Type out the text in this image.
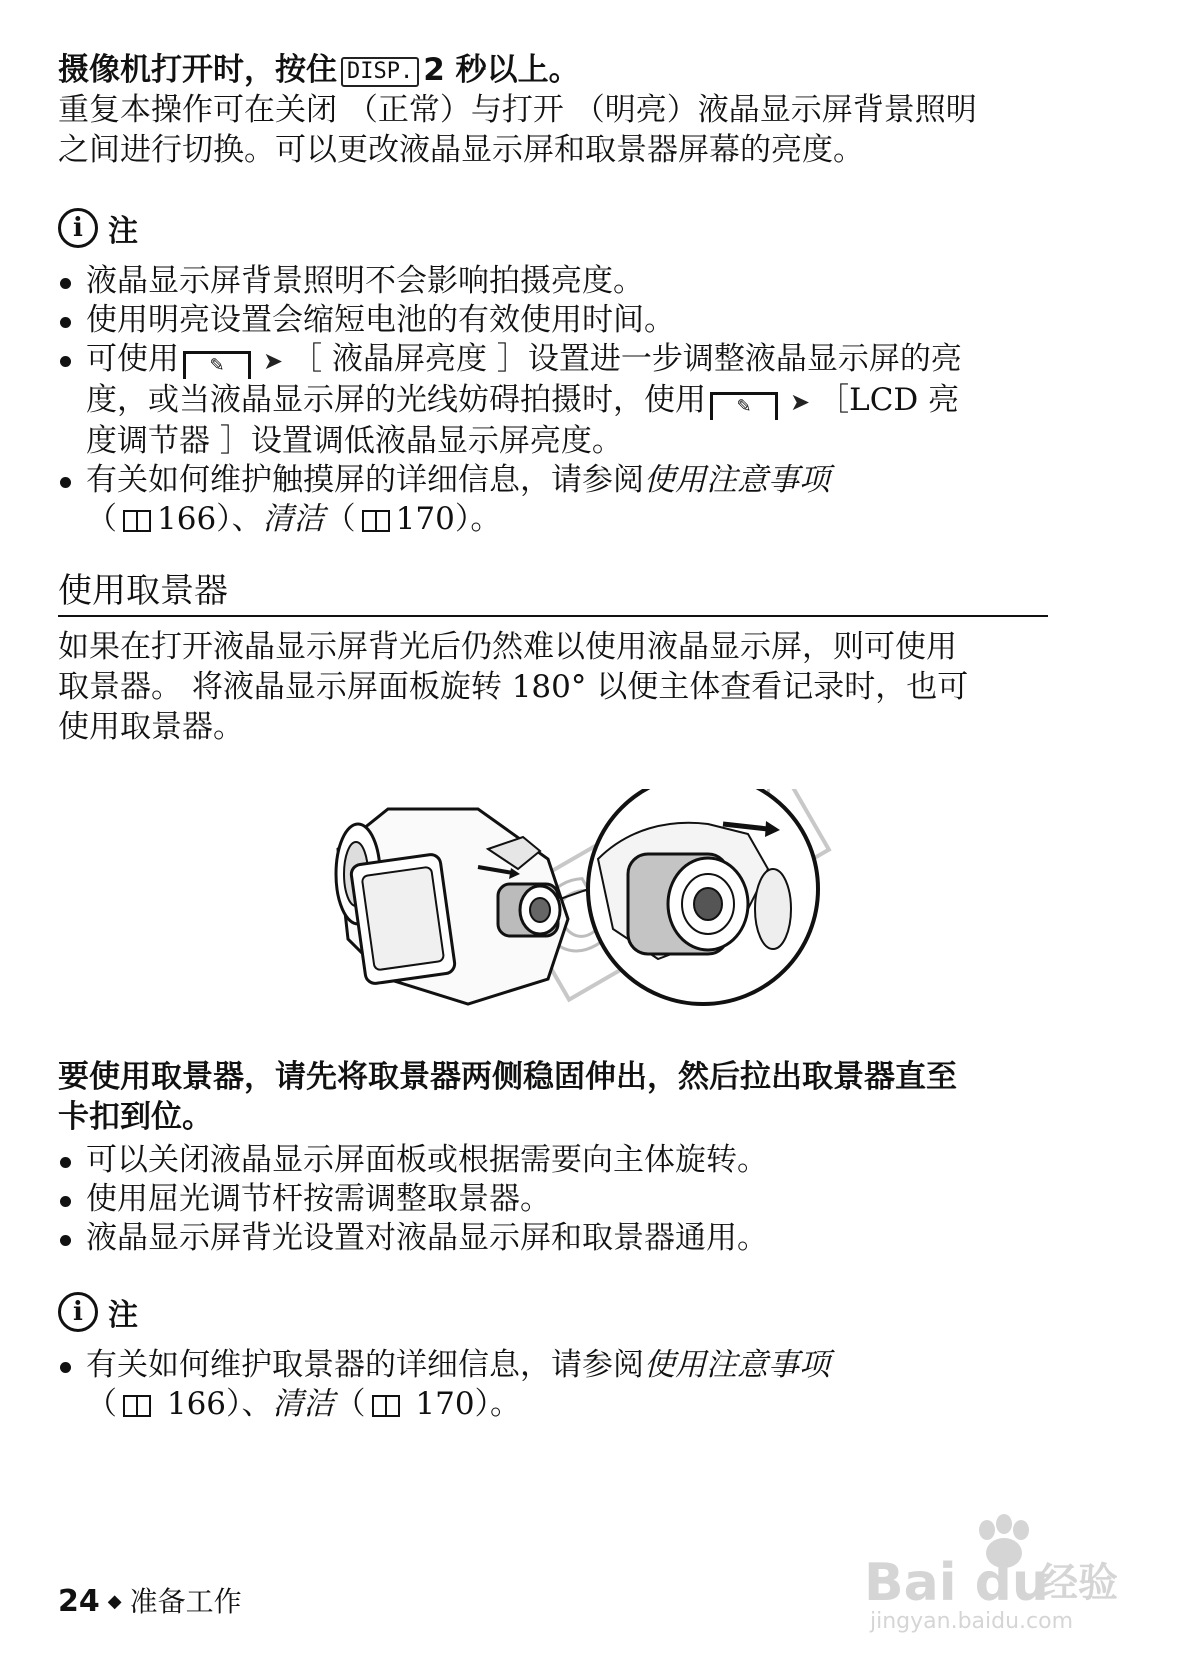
摄像机打开时，按住 DISP. 2 秒以上。
重复本操作可在关闭 （正常）与打开 （明亮）液晶显示屏背景照明
之间进行切换。可以更改液晶显示屏和取景器屏幕的亮度。
i 注
液晶显示屏背景照明不会影响拍摄亮度。
使用明亮设置会缩短电池的有效使用时间。
可使用 ✎ ➤ ［ 液晶屏亮度 ］设置进一步调整液晶显示屏的亮
度，或当液晶显示屏的光线妨碍拍摄时，使用 ✎ ➤ ［LCD 亮
度调节器 ］设置调低液晶显示屏亮度。
有关如何维护触摸屏的详细信息，请参阅使用注意事项
（ 166）、清洁（ 170）。
使用取景器
如果在打开液晶显示屏背光后仍然难以使用液晶显示屏，则可使用
取景器。 将液晶显示屏面板旋转 180° 以便主体查看记录时，也可
使用取景器。
要使用取景器，请先将取景器两侧稳固伸出，然后拉出取景器直至
卡扣到位。
可以关闭液晶显示屏面板或根据需要向主体旋转。
使用屈光调节杆按需调整取景器。
液晶显示屏背光设置对液晶显示屏和取景器通用。
i 注
有关如何维护取景器的详细信息，请参阅使用注意事项
（ 166）、清洁（ 170）。
24 ◆ 准备工作	Bai du
经验
jingyan.baidu.com
